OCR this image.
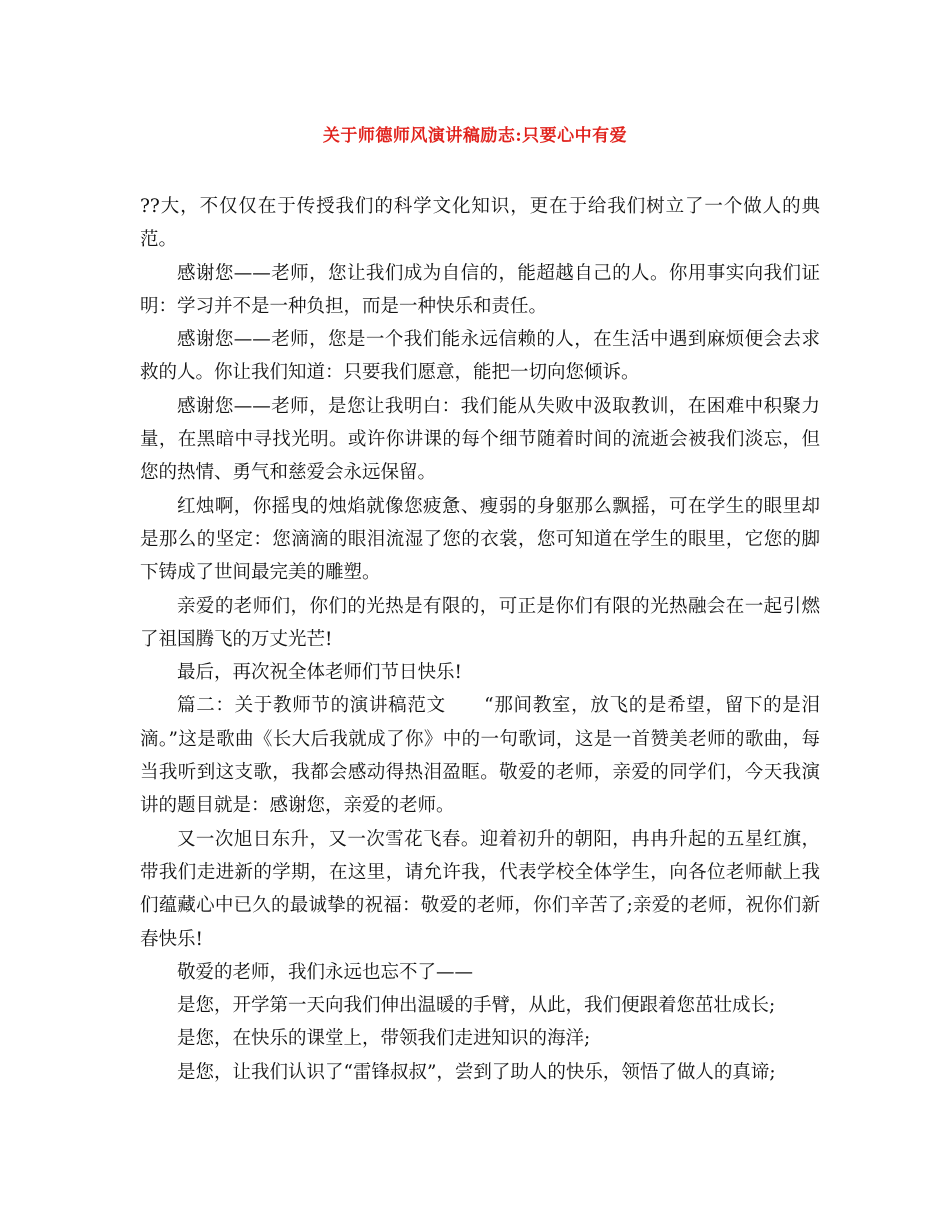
关于师德师风演讲稿励志:只要心中有爱

??大，不仅仅在于传授我们的科学文化知识，更在于给我们树立了一个做人的典范。

感谢您——老师，您让我们成为自信的，能超越自己的人。你用事实向我们证明：学习并不是一种负担，而是一种快乐和责任。

感谢您——老师，您是一个我们能永远信赖的人，在生活中遇到麻烦便会去求救的人。你让我们知道：只要我们愿意，能把一切向您倾诉。

感谢您——老师，是您让我明白：我们能从失败中汲取教训，在困难中积聚力量，在黑暗中寻找光明。或许你讲课的每个细节随着时间的流逝会被我们淡忘，但您的热情、勇气和慈爱会永远保留。

红烛啊，你摇曳的烛焰就像您疲惫、瘦弱的身躯那么飘摇，可在学生的眼里却是那么的坚定：您滴滴的眼泪流湿了您的衣裳，您可知道在学生的眼里，它您的脚下铸成了世间最完美的雕塑。

亲爱的老师们，你们的光热是有限的，可正是你们有限的光热融会在一起引燃了祖国腾飞的万丈光芒!

最后，再次祝全体老师们节日快乐!

篇二：关于教师节的演讲稿范文　　“那间教室，放飞的是希望，留下的是泪滴。”这是歌曲《长大后我就成了你》中的一句歌词，这是一首赞美老师的歌曲，每当我听到这支歌，我都会感动得热泪盈眶。敬爱的老师，亲爱的同学们，今天我演讲的题目就是：感谢您，亲爱的老师。

又一次旭日东升，又一次雪花飞春。迎着初升的朝阳，冉冉升起的五星红旗，带我们走进新的学期，在这里，请允许我，代表学校全体学生，向各位老师献上我们蕴藏心中已久的最诚挚的祝福：敬爱的老师，你们辛苦了;亲爱的老师，祝你们新春快乐!

敬爱的老师，我们永远也忘不了——

是您，开学第一天向我们伸出温暖的手臂，从此，我们便跟着您茁壮成长;

是您，在快乐的课堂上，带领我们走进知识的海洋;

是您，让我们认识了“雷锋叔叔”，尝到了助人的快乐，领悟了做人的真谛;
